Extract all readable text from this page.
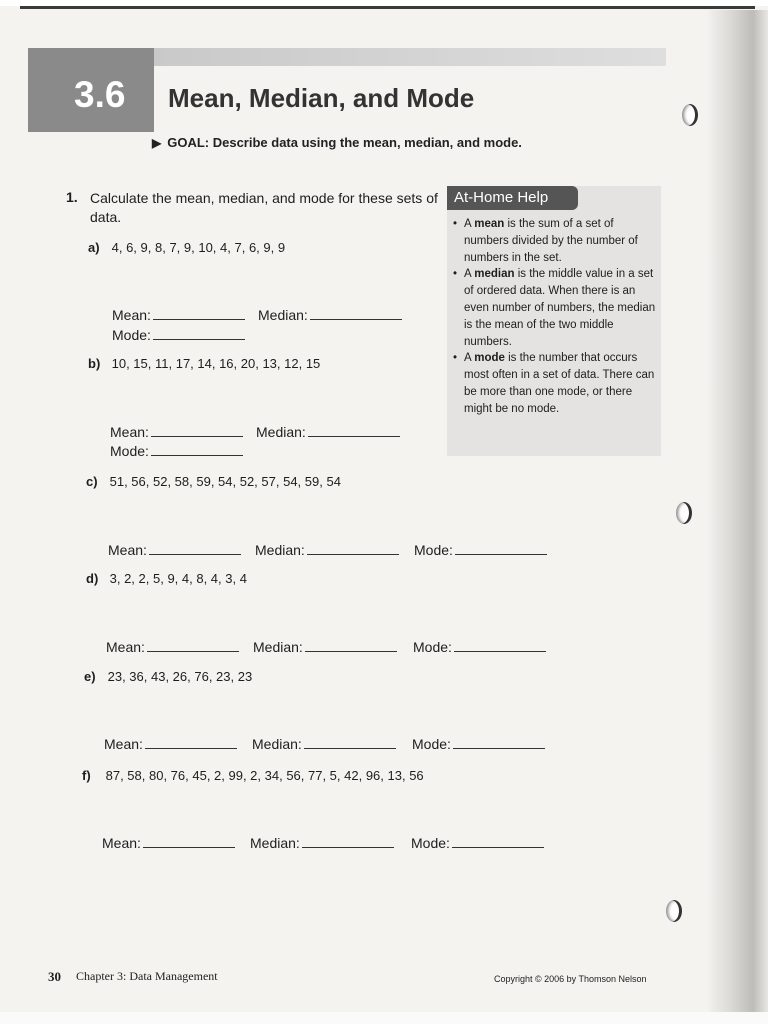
3.6 Mean, Median, and Mode
▶ GOAL: Describe data using the mean, median, and mode.
1. Calculate the mean, median, and mode for these sets of data.
a) 4, 6, 9, 8, 7, 9, 10, 4, 7, 6, 9, 9
Mean:	Median:
Mode:
b) 10, 15, 11, 17, 14, 16, 20, 13, 12, 15
Mean:	Median:
Mode:
c) 51, 56, 52, 58, 59, 54, 52, 57, 54, 59, 54
Mean:	Median:	Mode:
d) 3, 2, 2, 5, 9, 4, 8, 4, 3, 4
Mean:	Median:	Mode:
e) 23, 36, 43, 26, 76, 23, 23
Mean:	Median:	Mode:
f) 87, 58, 80, 76, 45, 2, 99, 2, 34, 56, 77, 5, 42, 96, 13, 56
Mean:	Median:	Mode:
At-Home Help
• A mean is the sum of a set of numbers divided by the number of numbers in the set.
• A median is the middle value in a set of ordered data. When there is an even number of numbers, the median is the mean of the two middle numbers.
• A mode is the number that occurs most often in a set of data. There can be more than one mode, or there might be no mode.
30 Chapter 3: Data Management	Copyright © 2006 by Thomson Nelson
